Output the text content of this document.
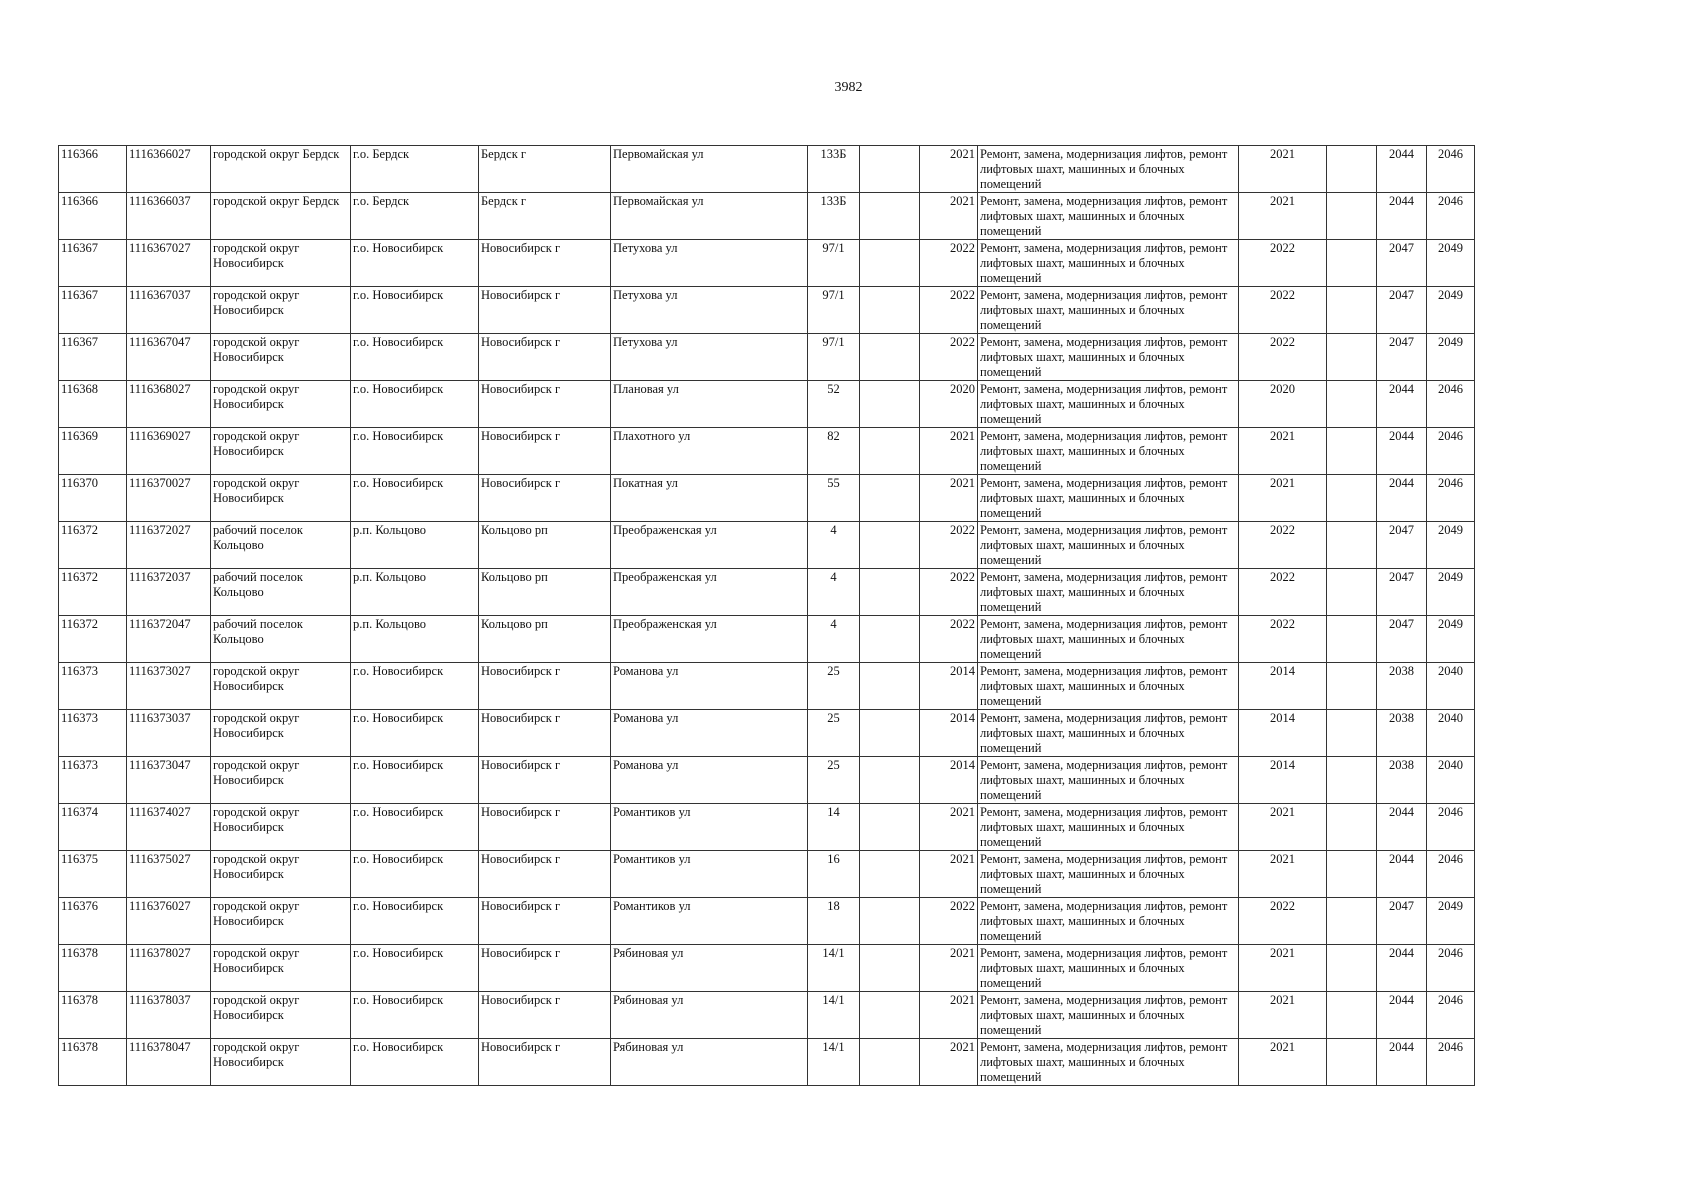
3982
116366	1116366027	городской округ Бердск	г.о. Бердск	Бердск г	Первомайская ул	133Б		2021	Ремонт, замена, модернизация лифтов, ремонт лифтовых шахт, машинных и блочных помещений	2021		2044	2046
116366	1116366037	городской округ Бердск	г.о. Бердск	Бердск г	Первомайская ул	133Б		2021	Ремонт, замена, модернизация лифтов, ремонт лифтовых шахт, машинных и блочных помещений	2021		2044	2046
116367	1116367027	городской округ Новосибирск	г.о. Новосибирск	Новосибирск г	Петухова ул	97/1		2022	Ремонт, замена, модернизация лифтов, ремонт лифтовых шахт, машинных и блочных помещений	2022		2047	2049
116367	1116367037	городской округ Новосибирск	г.о. Новосибирск	Новосибирск г	Петухова ул	97/1		2022	Ремонт, замена, модернизация лифтов, ремонт лифтовых шахт, машинных и блочных помещений	2022		2047	2049
116367	1116367047	городской округ Новосибирск	г.о. Новосибирск	Новосибирск г	Петухова ул	97/1		2022	Ремонт, замена, модернизация лифтов, ремонт лифтовых шахт, машинных и блочных помещений	2022		2047	2049
116368	1116368027	городской округ Новосибирск	г.о. Новосибирск	Новосибирск г	Плановая ул	52		2020	Ремонт, замена, модернизация лифтов, ремонт лифтовых шахт, машинных и блочных помещений	2020		2044	2046
116369	1116369027	городской округ Новосибирск	г.о. Новосибирск	Новосибирск г	Плахотного ул	82		2021	Ремонт, замена, модернизация лифтов, ремонт лифтовых шахт, машинных и блочных помещений	2021		2044	2046
116370	1116370027	городской округ Новосибирск	г.о. Новосибирск	Новосибирск г	Покатная ул	55		2021	Ремонт, замена, модернизация лифтов, ремонт лифтовых шахт, машинных и блочных помещений	2021		2044	2046
116372	1116372027	рабочий поселок Кольцово	р.п. Кольцово	Кольцово рп	Преображенская ул	4		2022	Ремонт, замена, модернизация лифтов, ремонт лифтовых шахт, машинных и блочных помещений	2022		2047	2049
116372	1116372037	рабочий поселок Кольцово	р.п. Кольцово	Кольцово рп	Преображенская ул	4		2022	Ремонт, замена, модернизация лифтов, ремонт лифтовых шахт, машинных и блочных помещений	2022		2047	2049
116372	1116372047	рабочий поселок Кольцово	р.п. Кольцово	Кольцово рп	Преображенская ул	4		2022	Ремонт, замена, модернизация лифтов, ремонт лифтовых шахт, машинных и блочных помещений	2022		2047	2049
116373	1116373027	городской округ Новосибирск	г.о. Новосибирск	Новосибирск г	Романова ул	25		2014	Ремонт, замена, модернизация лифтов, ремонт лифтовых шахт, машинных и блочных помещений	2014		2038	2040
116373	1116373037	городской округ Новосибирск	г.о. Новосибирск	Новосибирск г	Романова ул	25		2014	Ремонт, замена, модернизация лифтов, ремонт лифтовых шахт, машинных и блочных помещений	2014		2038	2040
116373	1116373047	городской округ Новосибирск	г.о. Новосибирск	Новосибирск г	Романова ул	25		2014	Ремонт, замена, модернизация лифтов, ремонт лифтовых шахт, машинных и блочных помещений	2014		2038	2040
116374	1116374027	городской округ Новосибирск	г.о. Новосибирск	Новосибирск г	Романтиков ул	14		2021	Ремонт, замена, модернизация лифтов, ремонт лифтовых шахт, машинных и блочных помещений	2021		2044	2046
116375	1116375027	городской округ Новосибирск	г.о. Новосибирск	Новосибирск г	Романтиков ул	16		2021	Ремонт, замена, модернизация лифтов, ремонт лифтовых шахт, машинных и блочных помещений	2021		2044	2046
116376	1116376027	городской округ Новосибирск	г.о. Новосибирск	Новосибирск г	Романтиков ул	18		2022	Ремонт, замена, модернизация лифтов, ремонт лифтовых шахт, машинных и блочных помещений	2022		2047	2049
116378	1116378027	городской округ Новосибирск	г.о. Новосибирск	Новосибирск г	Рябиновая ул	14/1		2021	Ремонт, замена, модернизация лифтов, ремонт лифтовых шахт, машинных и блочных помещений	2021		2044	2046
116378	1116378037	городской округ Новосибирск	г.о. Новосибирск	Новосибирск г	Рябиновая ул	14/1		2021	Ремонт, замена, модернизация лифтов, ремонт лифтовых шахт, машинных и блочных помещений	2021		2044	2046
116378	1116378047	городской округ Новосибирск	г.о. Новосибирск	Новосибирск г	Рябиновая ул	14/1		2021	Ремонт, замена, модернизация лифтов, ремонт лифтовых шахт, машинных и блочных помещений	2021		2044	2046
